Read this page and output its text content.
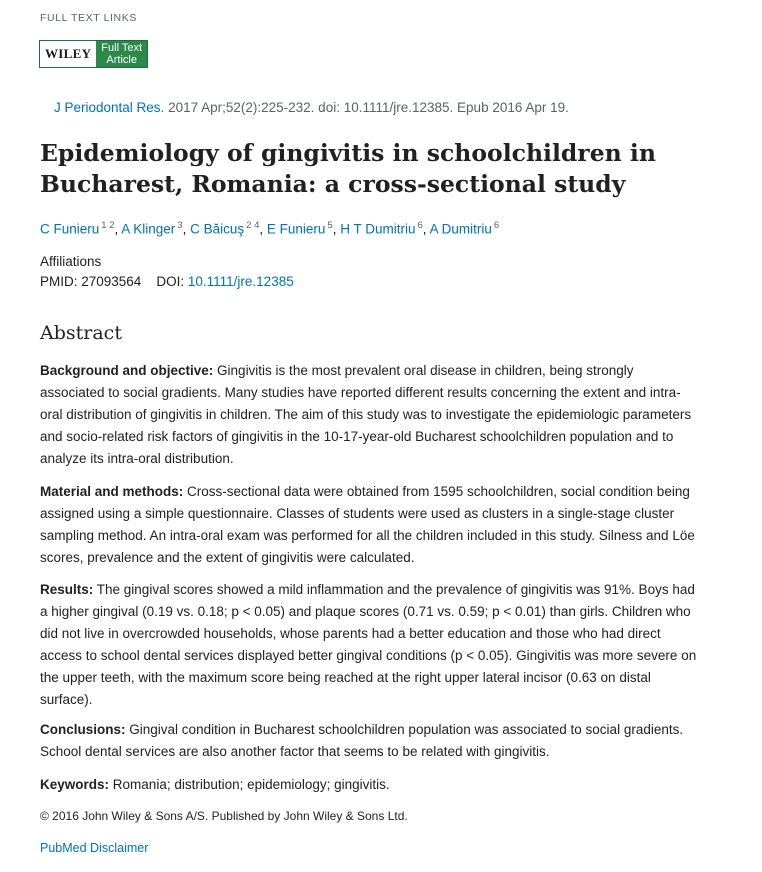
FULL TEXT LINKS
WILEY Full Text
Article
J Periodontal Res. 2017 Apr;52(2):225-232. doi: 10.1111/jre.12385. Epub 2016 Apr 19.
Epidemiology of gingivitis in schoolchildren in Bucharest, Romania: a cross-sectional study
C Funieru $^{1 2}$, A Klinger $^3$, C Băicuş $^{2 4}$, E Funieru $^5$, H T Dumitriu $^6$, A Dumitriu $^6$
Affiliations
PMID: 27093564 DOI: 10.1111/jre.12385
Abstract

Background and objective: Gingivitis is the most prevalent oral disease in children, being strongly associated to social gradients. Many studies have reported different results concerning the extent and intra-oral distribution of gingivitis in children. The aim of this study was to investigate the epidemiologic parameters and socio-related risk factors of gingivitis in the 10-17-year-old Bucharest schoolchildren population and to analyze its intra-oral distribution.

Material and methods: Cross-sectional data were obtained from 1595 schoolchildren, social condition being assigned using a simple questionnaire. Classes of students were used as clusters in a single-stage cluster sampling method. An intra-oral exam was performed for all the children included in this study. Silness and Löe scores, prevalence and the extent of gingivitis were calculated.

Results: The gingival scores showed a mild inflammation and the prevalence of gingivitis was 91%. Boys had a higher gingival (0.19 vs. 0.18; p < 0.05) and plaque scores (0.71 vs. 0.59; p < 0.01) than girls. Children who did not live in overcrowded households, whose parents had a better education and those who had direct access to school dental services displayed better gingival conditions (p < 0.05). Gingivitis was more severe on the upper teeth, with the maximum score being reached at the right upper lateral incisor (0.63 on distal surface).

Conclusions: Gingival condition in Bucharest schoolchildren population was associated to social gradients. School dental services are also another factor that seems to be related with gingivitis.

Keywords: Romania; distribution; epidemiology; gingivitis.

© 2016 John Wiley & Sons A/S. Published by John Wiley & Sons Ltd.
PubMed Disclaimer
